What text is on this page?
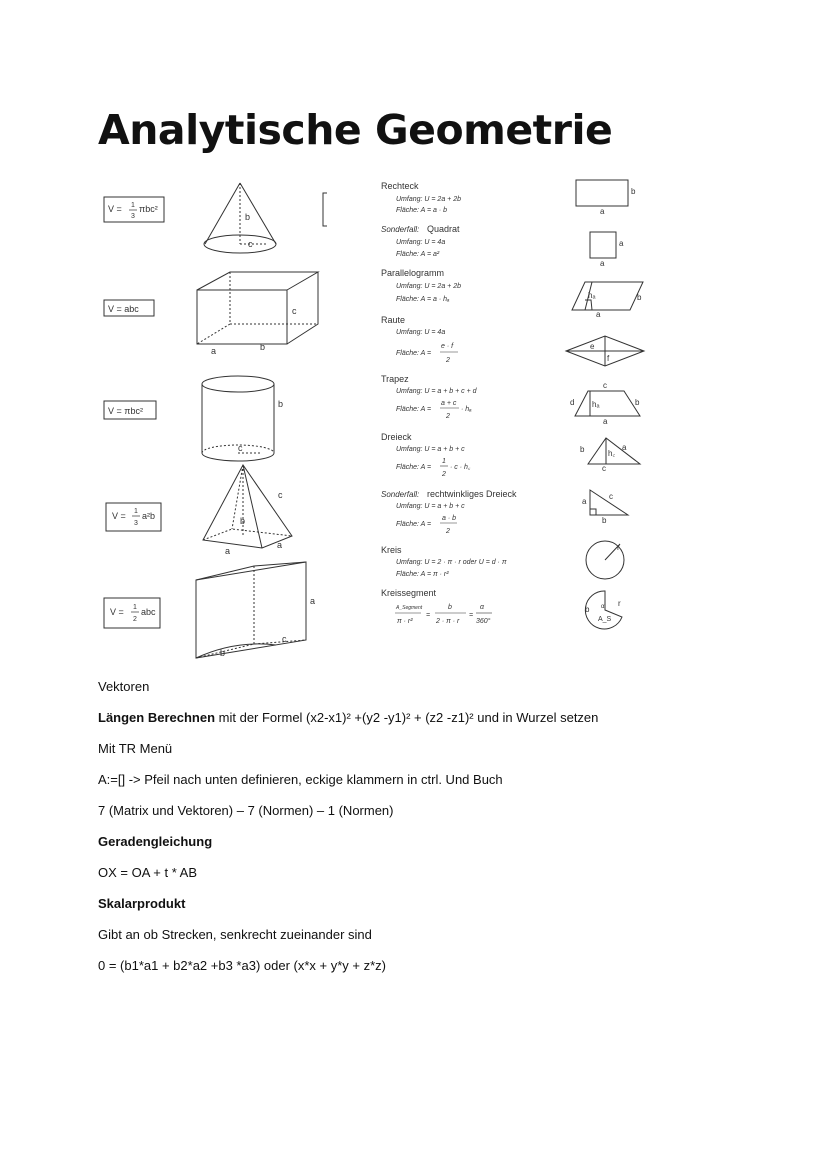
Analytische Geometrie
V = 1
3
πbc²
V = abc
V = πbc²
V = 1
3
a²b
V = 1
2
abc
b
c
a	b
c
b
c
a
a
b
c
a
b
c
Rechteck
Umfang: U = 2a + 2b
Fläche: A = a · b
Sonderfall: Quadrat
Umfang: U = 4a
Fläche: A = a²
Parallelogramm
Umfang: U = 2a + 2b
Fläche: A = a · hₐ
Raute
Umfang: U = 4a
Fläche: A =
e · f
2
Trapez
Umfang: U = a + b + c + d
Fläche: A =
a + c
2
· hₐ
Dreieck
Umfang: U = a + b + c
Fläche: A =
1
2
· c · h꜀
Sonderfall: rechtwinkliges Dreieck
Umfang: U = a + b + c
Fläche: A =
a · b
2
Kreis
Umfang: U = 2 · π · r oder U = d · π
Fläche: A = π · r²
Kreissegment
A_Segment
π · r²
=
b
2 · π · r
=
α
360°
b
a
a
a
hₐ	b
a
e
f
c
d hₐ	b
a
b	h꜀
a
c
a
c
b
r
b α r
A_S

Vektoren

Längen Berechnen mit der Formel (x2-x1)² +(y2 -y1)² + (z2 -z1)² und in Wurzel setzen

Mit TR Menü

A:=[] -> Pfeil nach unten definieren, eckige klammern in ctrl. Und Buch

7 (Matrix und Vektoren) – 7 (Normen) – 1 (Normen)

Geradengleichung

OX = OA + t * AB

Skalarprodukt

Gibt an ob Strecken, senkrecht zueinander sind

0 = (b1*a1 + b2*a2 +b3 *a3) oder (x*x + y*y + z*z)
